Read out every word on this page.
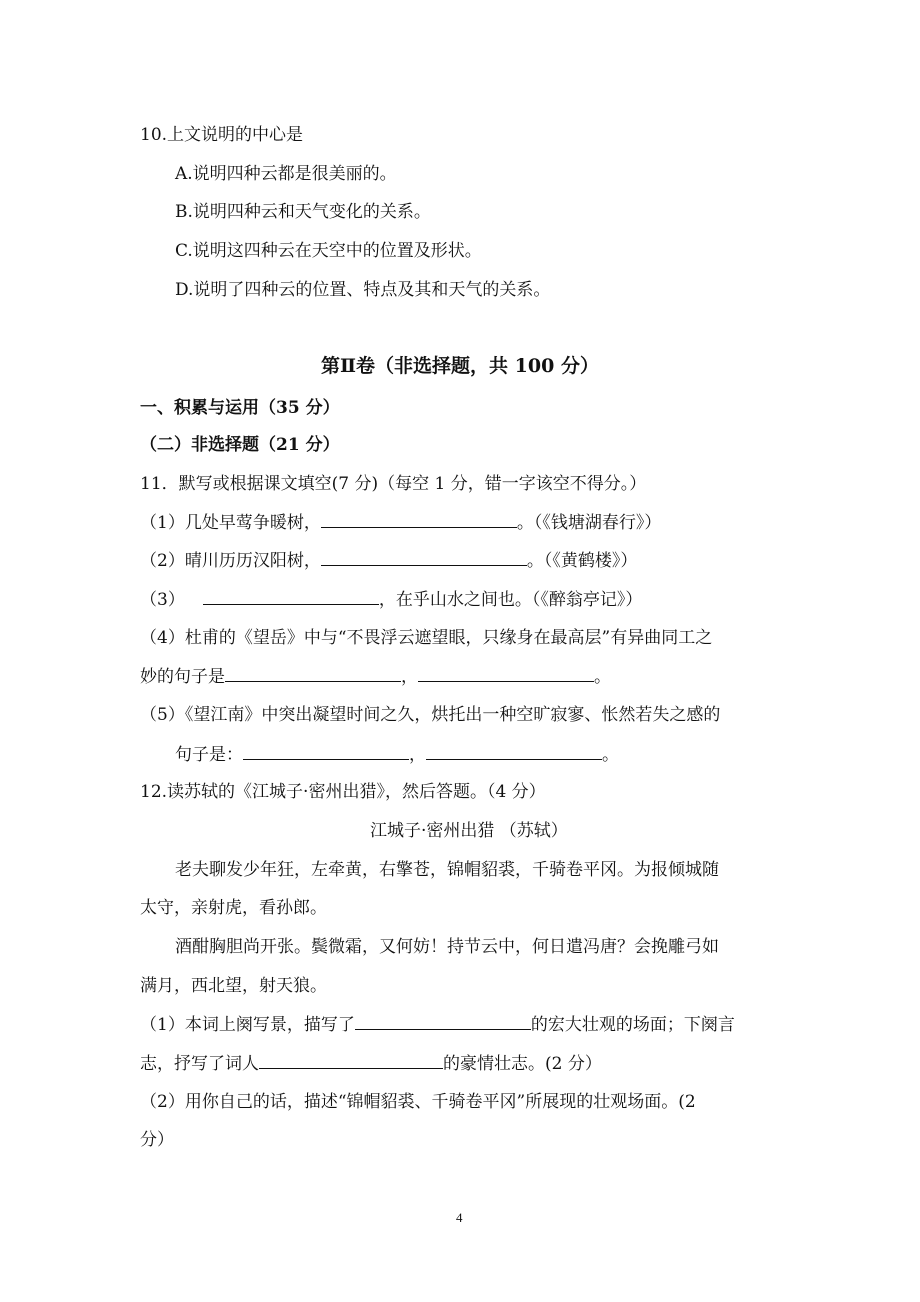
10.上文说明的中心是
A.说明四种云都是很美丽的。
B.说明四种云和天气变化的关系。
C.说明这四种云在天空中的位置及形状。
D.说明了四种云的位置、特点及其和天气的关系。
第Ⅱ卷（非选择题，共 100 分）
一、积累与运用（35 分）
（二）非选择题（21 分）
11．默写或根据课文填空(7 分)（每空 1 分，错一字该空不得分。）
（1）几处早莺争暖树，	。（《钱塘湖春行》）
（2）晴川历历汉阳树，	。（《黄鹤楼》）
（3）	，在乎山水之间也。（《醉翁亭记》）
（4）杜甫的《望岳》中与“不畏浮云遮望眼，只缘身在最高层”有异曲同工之
妙的句子是	，	。
（5）《望江南》中突出凝望时间之久，烘托出一种空旷寂寥、怅然若失之感的
句子是：	，	。
12.读苏轼的《江城子·密州出猎》，然后答题。（4 分）
江城子·密州出猎 （苏轼）
老夫聊发少年狂，左牵黄，右擎苍，锦帽貂裘，千骑卷平冈。为报倾城随
太守，亲射虎，看孙郎。
酒酣胸胆尚开张。鬓微霜，又何妨！持节云中，何日遣冯唐？会挽雕弓如
满月，西北望，射天狼。
（1）本词上阕写景，描写了	的宏大壮观的场面；下阕言
志，抒写了词人	的豪情壮志。(2 分）
（2）用你自己的话，描述“锦帽貂裘、千骑卷平冈”所展现的壮观场面。(2
分）
4
